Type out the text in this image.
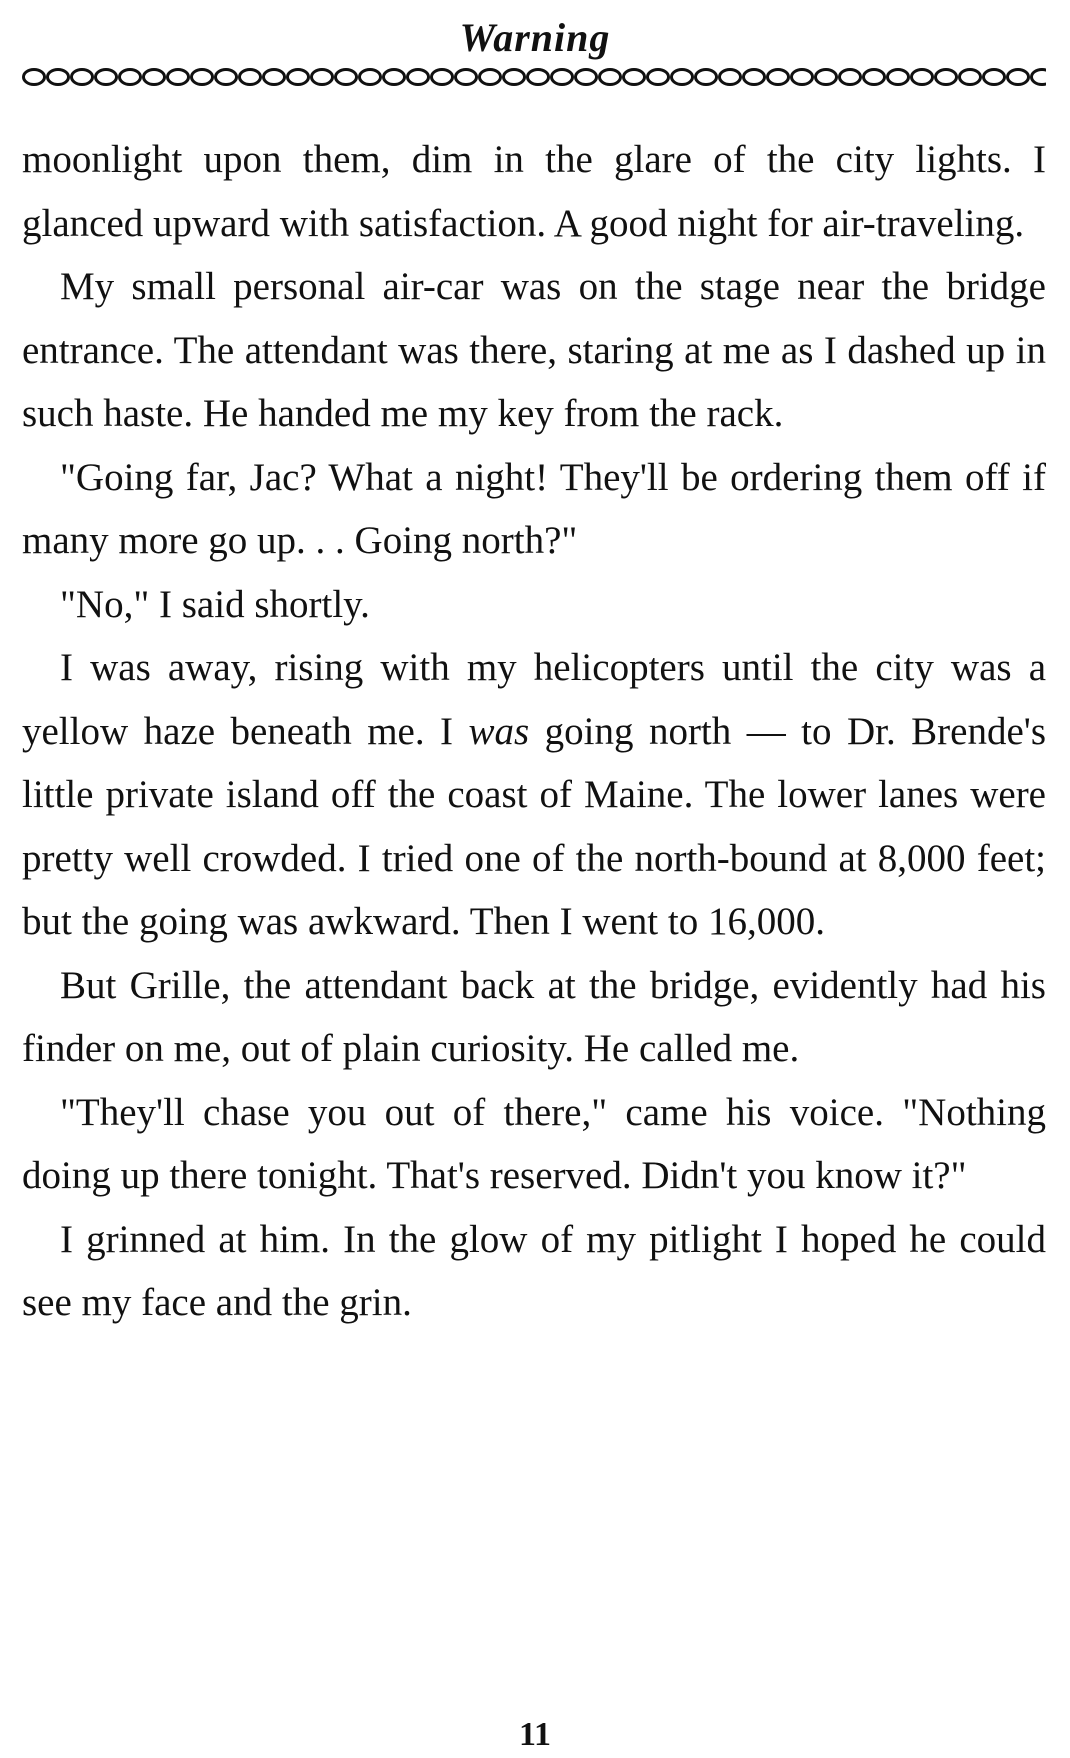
Warning

moonlight upon them, dim in the glare of the city lights. I glanced upward with satisfaction. A good night for air-traveling.

My small personal air-car was on the stage near the bridge entrance. The attendant was there, staring at me as I dashed up in such haste. He handed me my key from the rack.

"Going far, Jac? What a night! They'll be ordering them off if many more go up. . . Going north?"

"No," I said shortly.

I was away, rising with my helicopters until the city was a yellow haze beneath me. I was going north — to Dr. Brende's little private island off the coast of Maine. The lower lanes were pretty well crowded. I tried one of the north-bound at 8,000 feet; but the going was awkward. Then I went to 16,000.

But Grille, the attendant back at the bridge, evidently had his finder on me, out of plain curiosity. He called me.

"They'll chase you out of there," came his voice. "Nothing doing up there tonight. That's reserved. Didn't you know it?"

I grinned at him. In the glow of my pitlight I hoped he could see my face and the grin.

11
